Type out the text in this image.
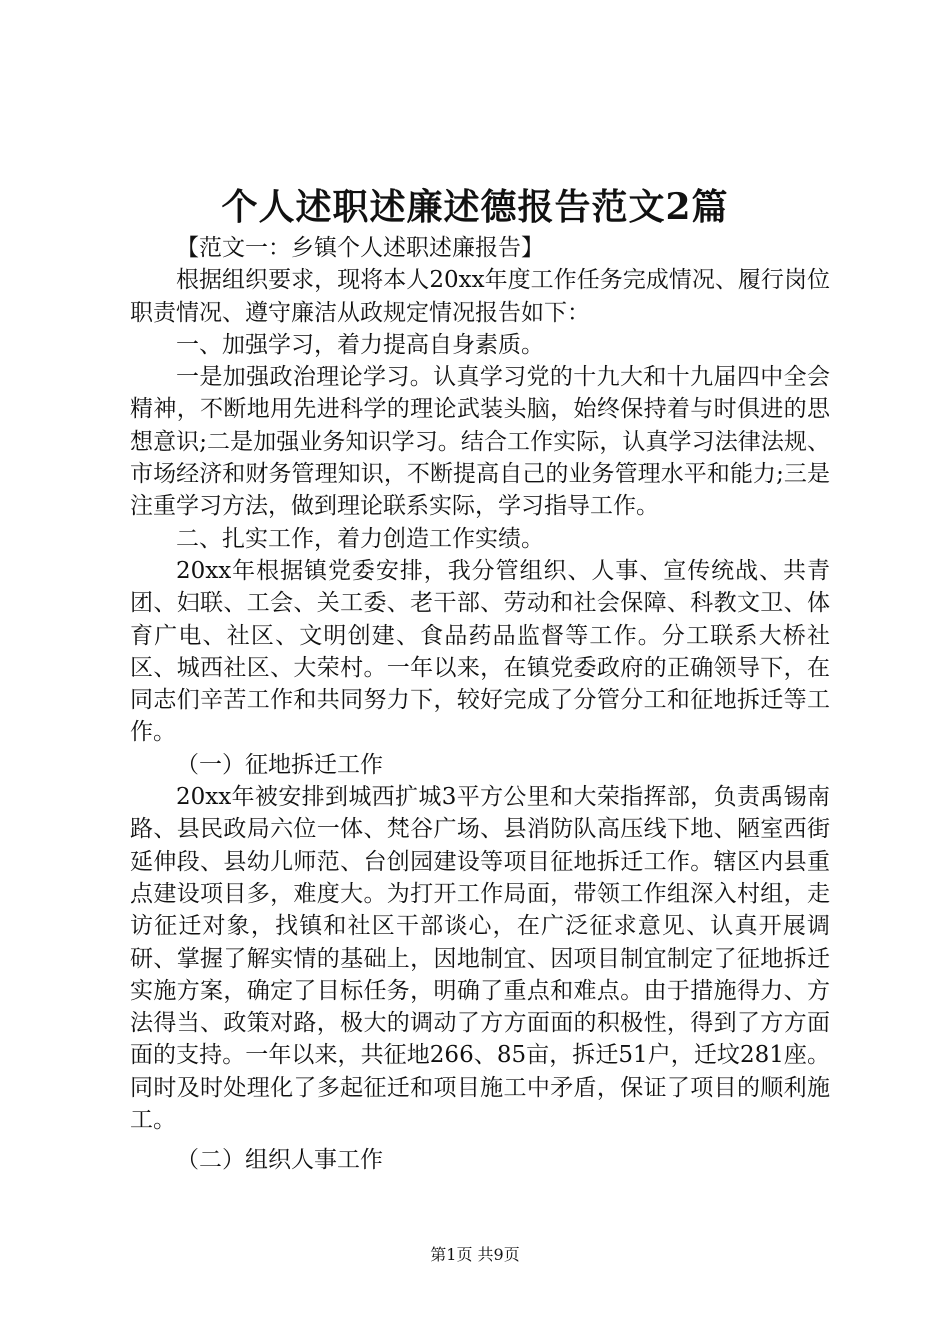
个人述职述廉述德报告范文2篇

【范文一：乡镇个人述职述廉报告】

根据组织要求，现将本人20xx年度工作任务完成情况、履行岗位职责情况、遵守廉洁从政规定情况报告如下：

一、加强学习，着力提高自身素质。

一是加强政治理论学习。认真学习党的十九大和十九届四中全会精神，不断地用先进科学的理论武装头脑，始终保持着与时俱进的思想意识;二是加强业务知识学习。结合工作实际，认真学习法律法规、市场经济和财务管理知识，不断提高自己的业务管理水平和能力;三是注重学习方法，做到理论联系实际，学习指导工作。

二、扎实工作，着力创造工作实绩。

20xx年根据镇党委安排，我分管组织、人事、宣传统战、共青团、妇联、工会、关工委、老干部、劳动和社会保障、科教文卫、体育广电、社区、文明创建、食品药品监督等工作。分工联系大桥社区、城西社区、大荣村。一年以来，在镇党委政府的正确领导下，在同志们辛苦工作和共同努力下，较好完成了分管分工和征地拆迁等工作。

（一）征地拆迁工作

20xx年被安排到城西扩城3平方公里和大荣指挥部，负责禹锡南路、县民政局六位一体、梵谷广场、县消防队高压线下地、陋室西街延伸段、县幼儿师范、台创园建设等项目征地拆迁工作。辖区内县重点建设项目多，难度大。为打开工作局面，带领工作组深入村组，走访征迁对象，找镇和社区干部谈心，在广泛征求意见、认真开展调研、掌握了解实情的基础上，因地制宜、因项目制宜制定了征地拆迁实施方案，确定了目标任务，明确了重点和难点。由于措施得力、方法得当、政策对路，极大的调动了方方面面的积极性，得到了方方面面的支持。一年以来，共征地266、85亩，拆迁51户，迁坟281座。同时及时处理化了多起征迁和项目施工中矛盾，保证了项目的顺利施工。

（二）组织人事工作

第1页 共9页
